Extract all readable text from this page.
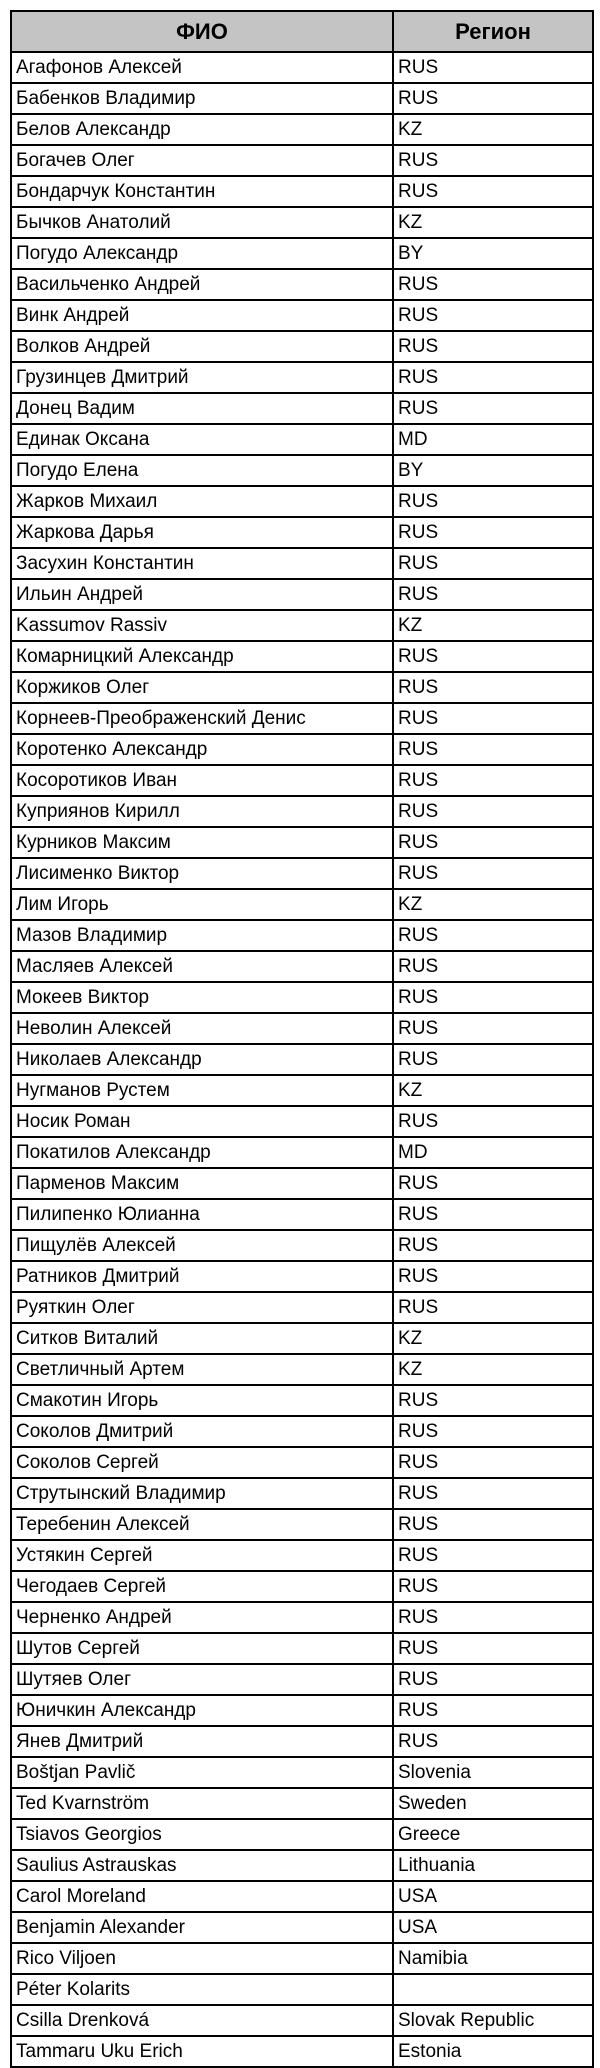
ФИО	Регион
Агафонов Алексей	RUS
Бабенков Владимир	RUS
Белов Александр	KZ
Богачев Олег	RUS
Бондарчук Константин	RUS
Бычков Анатолий	KZ
Погудо Александр	BY
Васильченко Андрей	RUS
Винк Андрей	RUS
Волков Андрей	RUS
Грузинцев Дмитрий	RUS
Донец Вадим	RUS
Единак Оксана	MD
Погудо Елена	BY
Жарков Михаил	RUS
Жаркова Дарья	RUS
Засухин Константин	RUS
Ильин Андрей	RUS
Kassumov Rassiv	KZ
Комарницкий Александр	RUS
Коржиков Олег	RUS
Корнеев-Преображенский Денис	RUS
Коротенко Александр	RUS
Косоротиков Иван	RUS
Куприянов Кирилл	RUS
Курников Максим	RUS
Лисименко Виктор	RUS
Лим Игорь	KZ
Мазов Владимир	RUS
Масляев Алексей	RUS
Мокеев Виктор	RUS
Неволин Алексей	RUS
Николаев Александр	RUS
Нугманов Рустем	KZ
Носик Роман	RUS
Покатилов Александр	MD
Парменов Максим	RUS
Пилипенко Юлианна	RUS
Пищулёв Алексей	RUS
Ратников Дмитрий	RUS
Руяткин Олег	RUS
Ситков Виталий	KZ
Светличный Артем	KZ
Смакотин Игорь	RUS
Соколов Дмитрий	RUS
Соколов Сергей	RUS
Струтынский Владимир	RUS
Теребенин Алексей	RUS
Устякин Сергей	RUS
Чегодаев Сергей	RUS
Черненко Андрей	RUS
Шутов Сергей	RUS
Шутяев Олег	RUS
Юничкин Александр	RUS
Янев Дмитрий	RUS
Boštjan Pavlič	Slovenia
Ted Kvarnström	Sweden
Tsiavos Georgios	Greece
Saulius Astrauskas	Lithuania
Carol Moreland	USA
Benjamin Alexander	USA
Rico Viljoen	Namibia
Péter Kolarits	
Csilla Drenková	Slovak Republic
Tammaru Uku Erich	Estonia
